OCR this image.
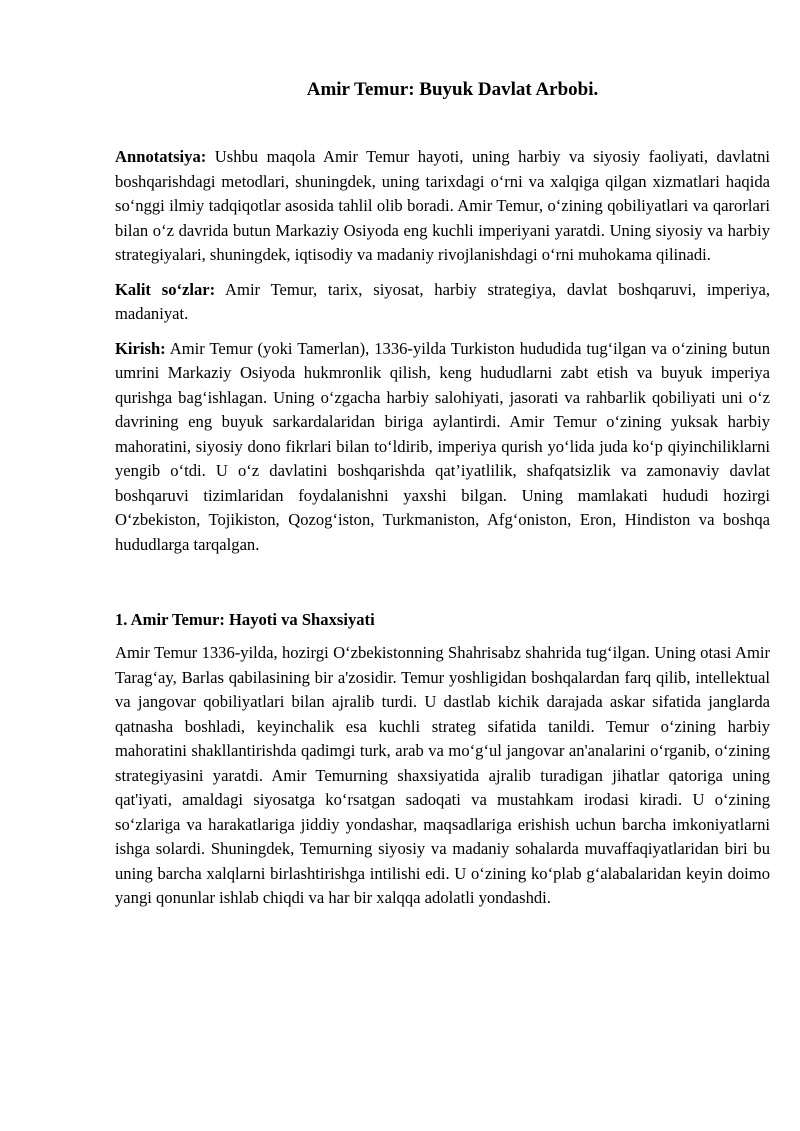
Amir Temur: Buyuk Davlat Arbobi.

Annotatsiya: Ushbu maqola Amir Temur hayoti, uning harbiy va siyosiy faoliyati, davlatni boshqarishdagi metodlari, shuningdek, uning tarixdagi o‘rni va xalqiga qilgan xizmatlari haqida so‘nggi ilmiy tadqiqotlar asosida tahlil olib boradi. Amir Temur, o‘zining qobiliyatlari va qarorlari bilan o‘z davrida butun Markaziy Osiyoda eng kuchli imperiyani yaratdi. Uning siyosiy va harbiy strategiyalari, shuningdek, iqtisodiy va madaniy rivojlanishdagi o‘rni muhokama qilinadi.

Kalit so‘zlar: Amir Temur, tarix, siyosat, harbiy strategiya, davlat boshqaruvi, imperiya, madaniyat.

Kirish: Amir Temur (yoki Tamerlan), 1336-yilda Turkiston hududida tug‘ilgan va o‘zining butun umrini Markaziy Osiyoda hukmronlik qilish, keng hududlarni zabt etish va buyuk imperiya qurishga bag‘ishlagan. Uning o‘zgacha harbiy salohiyati, jasorati va rahbarlik qobiliyati uni o‘z davrining eng buyuk sarkardalaridan biriga aylantirdi. Amir Temur o‘zining yuksak harbiy mahoratini, siyosiy dono fikrlari bilan to‘ldirib, imperiya qurish yo‘lida juda ko‘p qiyinchiliklarni yengib o‘tdi. U o‘z davlatini boshqarishda qat’iyatlilik, shafqatsizlik va zamonaviy davlat boshqaruvi tizimlaridan foydalanishni yaxshi bilgan. Uning mamlakati hududi hozirgi O‘zbekiston, Tojikiston, Qozog‘iston, Turkmaniston, Afg‘oniston, Eron, Hindiston va boshqa hududlarga tarqalgan.

1. Amir Temur: Hayoti va Shaxsiyati

Amir Temur 1336-yilda, hozirgi O‘zbekistonning Shahrisabz shahrida tug‘ilgan. Uning otasi Amir Tarag‘ay, Barlas qabilasining bir a'zosidir. Temur yoshligidan boshqalardan farq qilib, intellektual va jangovar qobiliyatlari bilan ajralib turdi. U dastlab kichik darajada askar sifatida janglarda qatnasha boshladi, keyinchalik esa kuchli strateg sifatida tanildi. Temur o‘zining harbiy mahoratini shakllantirishda qadimgi turk, arab va mo‘g‘ul jangovar an'analarini o‘rganib, o‘zining strategiyasini yaratdi. Amir Temurning shaxsiyatida ajralib turadigan jihatlar qatoriga uning qat'iyati, amaldagi siyosatga ko‘rsatgan sadoqati va mustahkam irodasi kiradi. U o‘zining so‘zlariga va harakatlariga jiddiy yondashar, maqsadlariga erishish uchun barcha imkoniyatlarni ishga solardi. Shuningdek, Temurning siyosiy va madaniy sohalarda muvaffaqiyatlaridan biri bu uning barcha xalqlarni birlashtirishga intilishi edi. U o‘zining ko‘plab g‘alabalaridan keyin doimo yangi qonunlar ishlab chiqdi va har bir xalqqa adolatli yondashdi.
